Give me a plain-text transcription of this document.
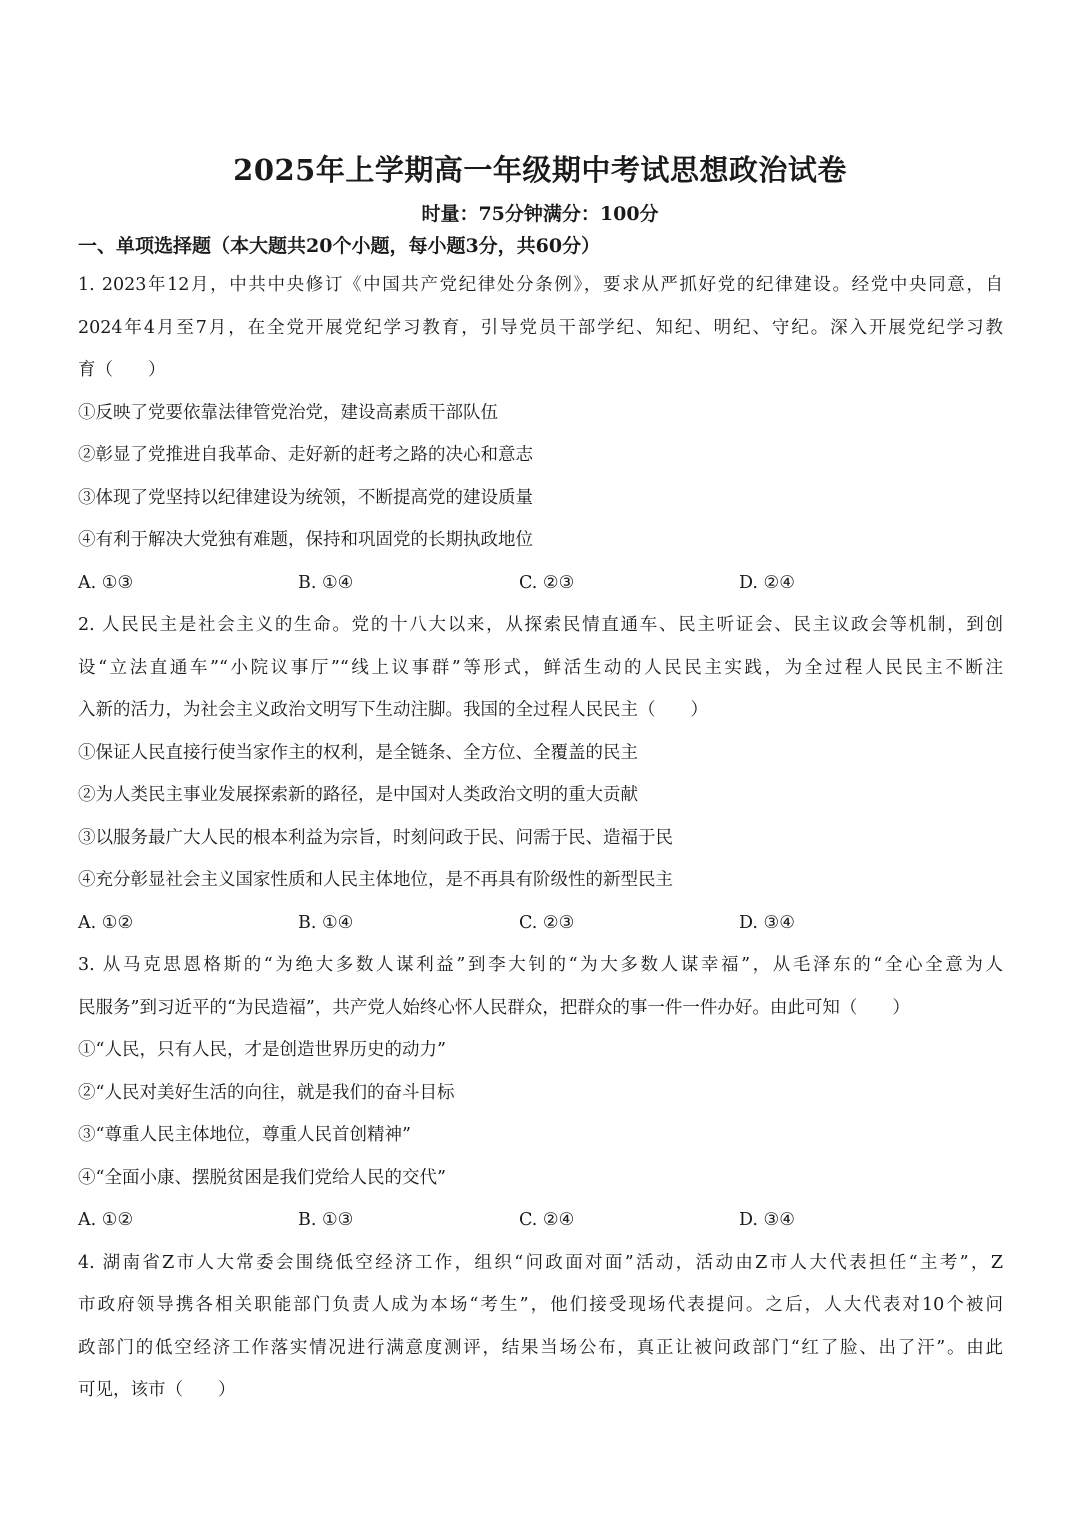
2025年上学期高一年级期中考试思想政治试卷
时量：75分钟满分：100分
一、单项选择题（本大题共20个小题，每小题3分，共60分）
1. 2023年12月，中共中央修订《中国共产党纪律处分条例》，要求从严抓好党的纪律建设。经党中央同意，自
2024年4月至7月，在全党开展党纪学习教育，引导党员干部学纪、知纪、明纪、守纪。深入开展党纪学习教
育（　　）
①反映了党要依靠法律管党治党，建设高素质干部队伍
②彰显了党推进自我革命、走好新的赶考之路的决心和意志
③体现了党坚持以纪律建设为统领，不断提高党的建设质量
④有利于解决大党独有难题，保持和巩固党的长期执政地位
A. ①③	B. ①④	C. ②③	D. ②④
2. 人民民主是社会主义的生命。党的十八大以来，从探索民情直通车、民主听证会、民主议政会等机制，到创
设“立法直通车”“小院议事厅”“线上议事群”等形式，鲜活生动的人民民主实践，为全过程人民民主不断注
入新的活力，为社会主义政治文明写下生动注脚。我国的全过程人民民主（　　）
①保证人民直接行使当家作主的权利，是全链条、全方位、全覆盖的民主
②为人类民主事业发展探索新的路径，是中国对人类政治文明的重大贡献
③以服务最广大人民的根本利益为宗旨，时刻问政于民、问需于民、造福于民
④充分彰显社会主义国家性质和人民主体地位，是不再具有阶级性的新型民主
A. ①②	B. ①④	C. ②③	D. ③④
3. 从马克思恩格斯的“为绝大多数人谋利益”到李大钊的“为大多数人谋幸福”，从毛泽东的“全心全意为人
民服务”到习近平的“为民造福”，共产党人始终心怀人民群众，把群众的事一件一件办好。由此可知（　　）
①“人民，只有人民，才是创造世界历史的动力”
②“人民对美好生活的向往，就是我们的奋斗目标
③“尊重人民主体地位，尊重人民首创精神”
④“全面小康、摆脱贫困是我们党给人民的交代”
A. ①②	B. ①③	C. ②④	D. ③④
4. 湖南省Z市人大常委会围绕低空经济工作，组织“问政面对面”活动，活动由Z市人大代表担任“主考”，Z
市政府领导携各相关职能部门负责人成为本场“考生”，他们接受现场代表提问。之后，人大代表对10个被问
政部门的低空经济工作落实情况进行满意度测评，结果当场公布，真正让被问政部门“红了脸、出了汗”。由此
可见，该市（　　）
